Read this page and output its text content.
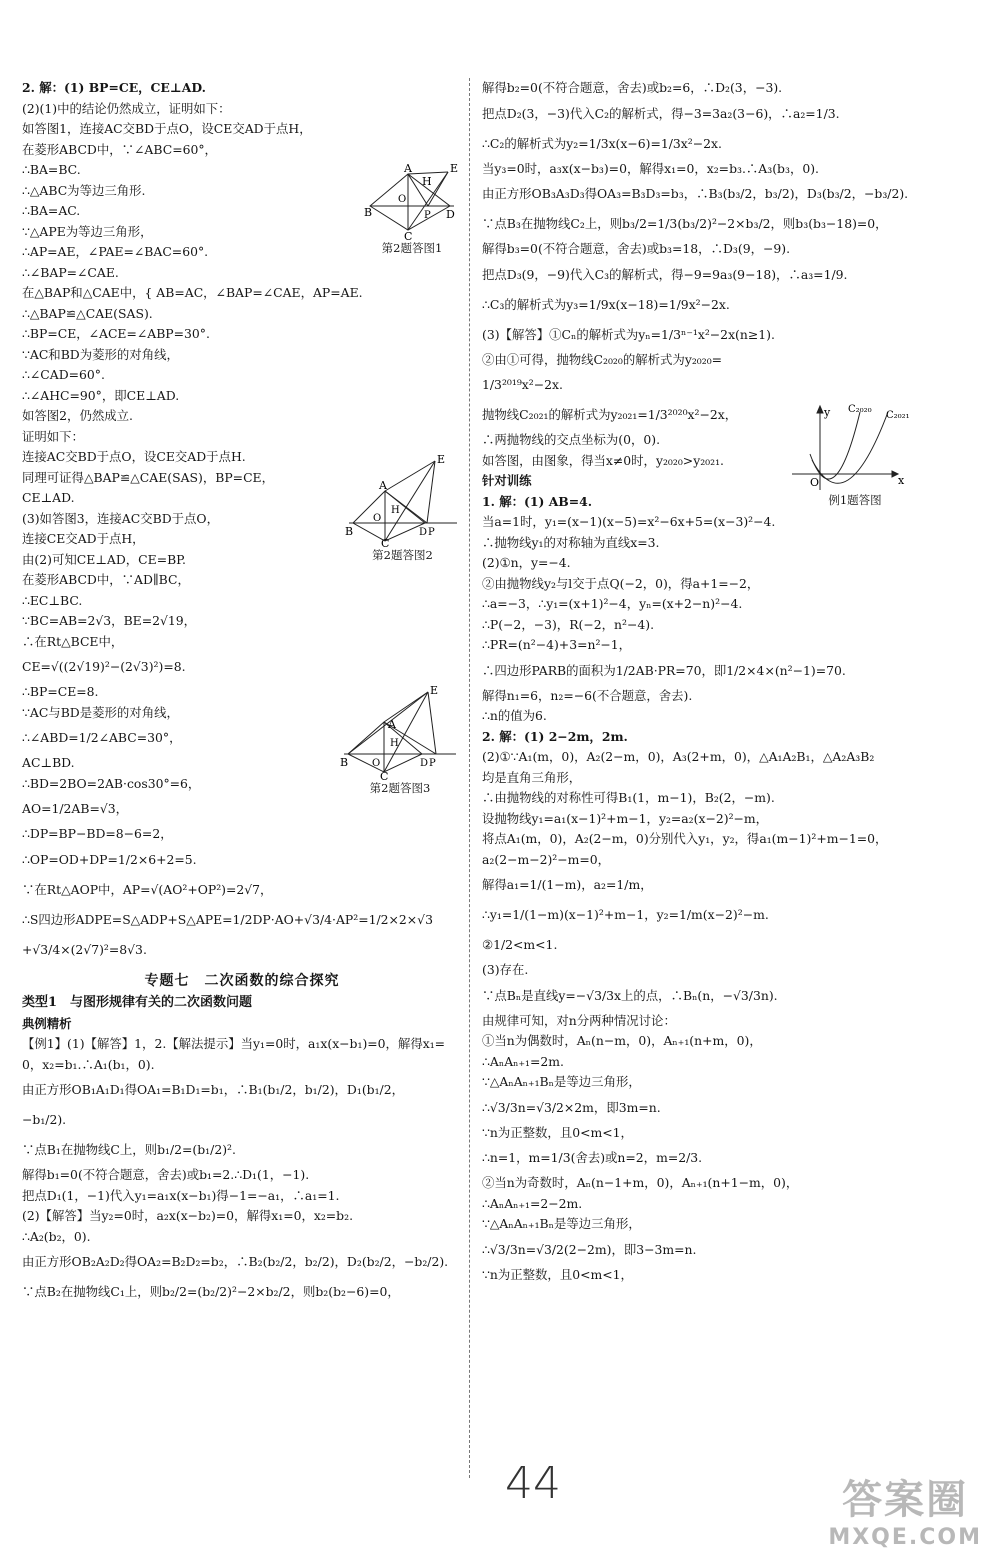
2. 解：(1) BP=CE，CE⊥AD.
(2)(1)中的结论仍然成立，证明如下：
如答图1，连接AC交BD于点O，设CE交AD于点H，
在菱形ABCD中，∵∠ABC=60°，
∴BA=BC.
∴△ABC为等边三角形.
∴BA=AC.
∵△APE为等边三角形，
∴AP=AE，∠PAE=∠BAC=60°.
∴∠BAP=∠CAE.
在△BAP和△CAE中，{ AB=AC，∠BAP=∠CAE，AP=AE.
∴△BAP≌△CAE(SAS).
∴BP=CE，∠ACE=∠ABP=30°.
∵AC和BD为菱形的对角线，
∴∠CAD=60°.
∴∠AHC=90°，即CE⊥AD.
如答图2，仍然成立.
证明如下：
连接AC交BD于点O，设CE交AD于点H.
同理可证得△BAP≌△CAE(SAS)，BP=CE，
CE⊥AD.
(3)如答图3，连接AC交BD于点O，
连接CE交AD于点H，
由(2)可知CE⊥AD，CE=BP.
在菱形ABCD中，∵AD∥BC，
∴EC⊥BC.
∵BC=AB=2√3，BE=2√19，
∴在Rt△BCE中，
CE=√((2√19)²−(2√3)²)=8.
∴BP=CE=8.
∵AC与BD是菱形的对角线，
∴∠ABD=1/2∠ABC=30°，
AC⊥BD.
∴BD=2BO=2AB·cos30°=6，
AO=1/2AB=√3，
∴DP=BP−BD=8−6=2，
∴OP=OD+DP=1/2×6+2=5.
∵在Rt△AOP中，AP=√(AO²+OP²)=2√7，
∴S四边形ADPE=S△ADP+S△APE=1/2DP·AO+√3/4·AP²=1/2×2×√3
+√3/4×(2√7)²=8√3.
专题七　二次函数的综合探究
类型1　与图形规律有关的二次函数问题
典例精析
【例1】(1)【解答】1，2.【解法提示】当y₁=0时，a₁x(x−b₁)=0，解得x₁=
0，x₂=b₁.∴A₁(b₁，0).
由正方形OB₁A₁D₁得OA₁=B₁D₁=b₁，∴B₁(b₁/2，b₁/2)，D₁(b₁/2，
−b₁/2).
∵点B₁在抛物线C上，则b₁/2=(b₁/2)².
解得b₁=0(不符合题意，舍去)或b₁=2.∴D₁(1，−1).
把点D₁(1，−1)代入y₁=a₁x(x−b₁)得−1=−a₁，∴a₁=1.
(2)【解答】当y₂=0时，a₂x(x−b₂)=0，解得x₁=0，x₂=b₂.
∴A₂(b₂，0).
由正方形OB₂A₂D₂得OA₂=B₂D₂=b₂，∴B₂(b₂/2，b₂/2)，D₂(b₂/2，−b₂/2).
∵点B₂在抛物线C₁上，则b₂/2=(b₂/2)²−2×b₂/2，则b₂(b₂−6)=0，
解得b₂=0(不符合题意，舍去)或b₂=6，∴D₂(3，−3).
把点D₂(3，−3)代入C₂的解析式，得−3=3a₂(3−6)，∴a₂=1/3.
∴C₂的解析式为y₂=1/3x(x−6)=1/3x²−2x.
当y₃=0时，a₃x(x−b₃)=0，解得x₁=0，x₂=b₃.∴A₃(b₃，0).
由正方形OB₃A₃D₃得OA₃=B₃D₃=b₃，∴B₃(b₃/2，b₃/2)，D₃(b₃/2，−b₃/2).
∵点B₃在抛物线C₂上，则b₃/2=1/3(b₃/2)²−2×b₃/2，则b₃(b₃−18)=0，
解得b₃=0(不符合题意，舍去)或b₃=18，∴D₃(9，−9).
把点D₃(9，−9)代入C₃的解析式，得−9=9a₃(9−18)，∴a₃=1/9.
∴C₃的解析式为y₃=1/9x(x−18)=1/9x²−2x.
(3)【解答】①Cₙ的解析式为yₙ=1/3ⁿ⁻¹x²−2x(n≥1).
②由①可得，抛物线C₂₀₂₀的解析式为y₂₀₂₀=
1/3²⁰¹⁹x²−2x.
抛物线C₂₀₂₁的解析式为y₂₀₂₁=1/3²⁰²⁰x²−2x，
∴两抛物线的交点坐标为(0，0).
如答图，由图象，得当x≠0时，y₂₀₂₀>y₂₀₂₁.
针对训练
1. 解：(1) AB=4.
当a=1时，y₁=(x−1)(x−5)=x²−6x+5=(x−3)²−4.
∴抛物线y₁的对称轴为直线x=3.
(2)①n，y=−4.
②由抛物线y₂与l交于点Q(−2，0)，得a+1=−2，
∴a=−3，∴y₁=(x+1)²−4，yₙ=(x+2−n)²−4.
∴P(−2，−3)，R(−2，n²−4).
∴PR=(n²−4)+3=n²−1，
∴四边形PARB的面积为1/2AB·PR=70，即1/2×4×(n²−1)=70.
解得n₁=6，n₂=−6(不合题意，舍去).
∴n的值为6.
2. 解：(1) 2−2m，2m.
(2)①∵A₁(m，0)，A₂(2−m，0)，A₃(2+m，0)，△A₁A₂B₁，△A₂A₃B₂
均是直角三角形，
∴由抛物线的对称性可得B₁(1，m−1)，B₂(2，−m).
设抛物线y₁=a₁(x−1)²+m−1，y₂=a₂(x−2)²−m，
将点A₁(m，0)，A₂(2−m，0)分别代入y₁，y₂，得a₁(m−1)²+m−1=0，
a₂(2−m−2)²−m=0，
解得a₁=1/(1−m)，a₂=1/m，
∴y₁=1/(1−m)(x−1)²+m−1，y₂=1/m(x−2)²−m.
②1/2<m<1.
(3)存在.
∵点Bₙ是直线y=−√3/3x上的点，∴Bₙ(n，−√3/3n).
由规律可知，对n分两种情况讨论：
①当n为偶数时，Aₙ(n−m，0)，Aₙ₊₁(n+m，0)，
∴AₙAₙ₊₁=2m.
∵△AₙAₙ₊₁Bₙ是等边三角形，
∴√3/3n=√3/2×2m，即3m=n.
∵n为正整数，且0<m<1，
∴n=1，m=1/3(舍去)或n=2，m=2/3.
②当n为奇数时，Aₙ(n−1+m，0)，Aₙ₊₁(n+1−m，0)，
∴AₙAₙ₊₁=2−2m.
∵△AₙAₙ₊₁Bₙ是等边三角形，
∴√3/3n=√3/2(2−2m)，即3−3m=n.
∵n为正整数，且0<m<1，
B
A	E
H
O
P D
C
第2题答图1
B
A
E
H
O
D P
C
第2题答图2
B
A
E
H
O	D P
C
第2题答图3
y
x
O
C₂₀₂₀
C₂₀₂₁
例1题答图
44	答案圈
MXQE.COM
